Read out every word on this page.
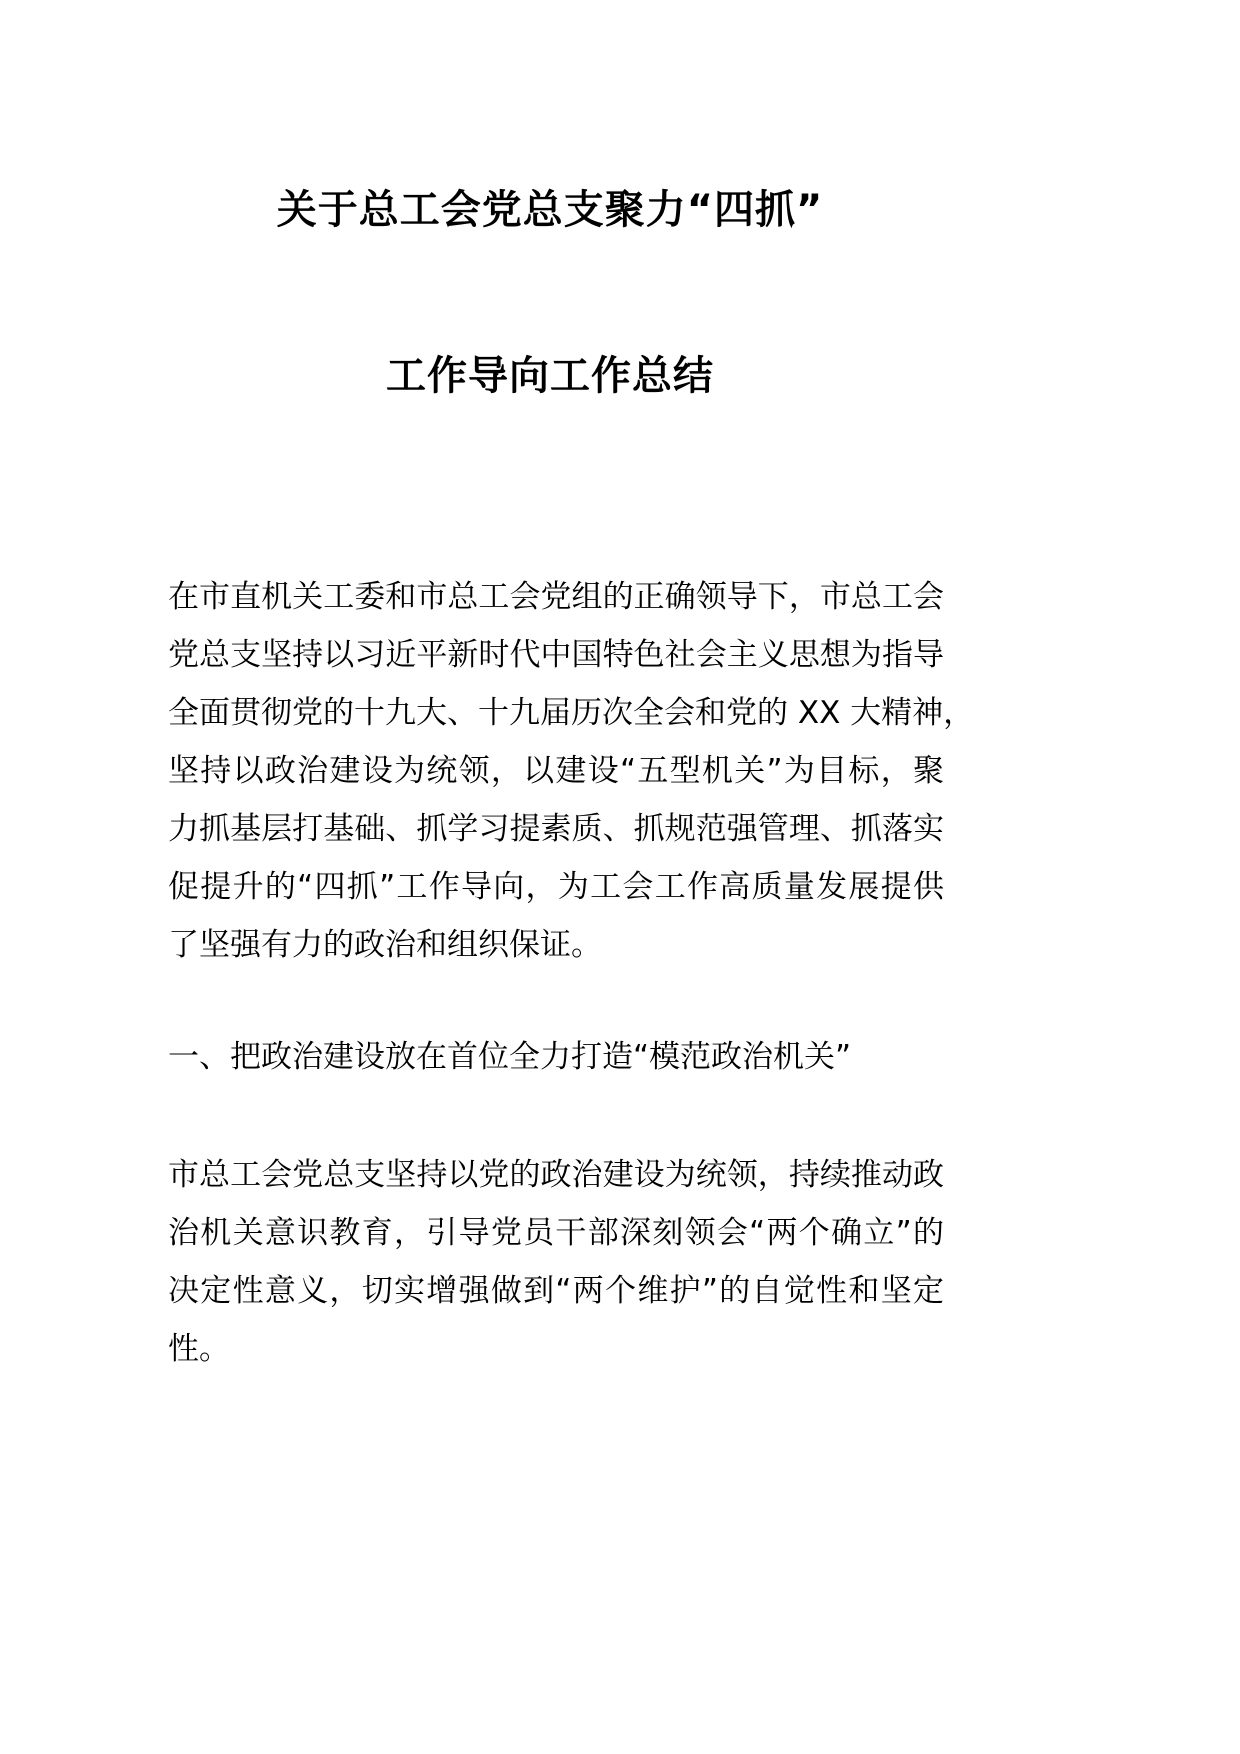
关于总工会党总支聚力“四抓”
工作导向工作总结
在市直机关工委和市总工会党组的正确领导下，市总工会
党总支坚持以习近平新时代中国特色社会主义思想为指导
全面贯彻党的十九大、十九届历次全会和党的 XX 大精神，
坚持以政治建设为统领，以建设“五型机关”为目标，聚
力抓基层打基础、抓学习提素质、抓规范强管理、抓落实
促提升的“四抓”工作导向，为工会工作高质量发展提供
了坚强有力的政治和组织保证。
一、把政治建设放在首位全力打造“模范政治机关”
市总工会党总支坚持以党的政治建设为统领，持续推动政
治机关意识教育，引导党员干部深刻领会“两个确立”的
决定性意义，切实增强做到“两个维护”的自觉性和坚定
性。
